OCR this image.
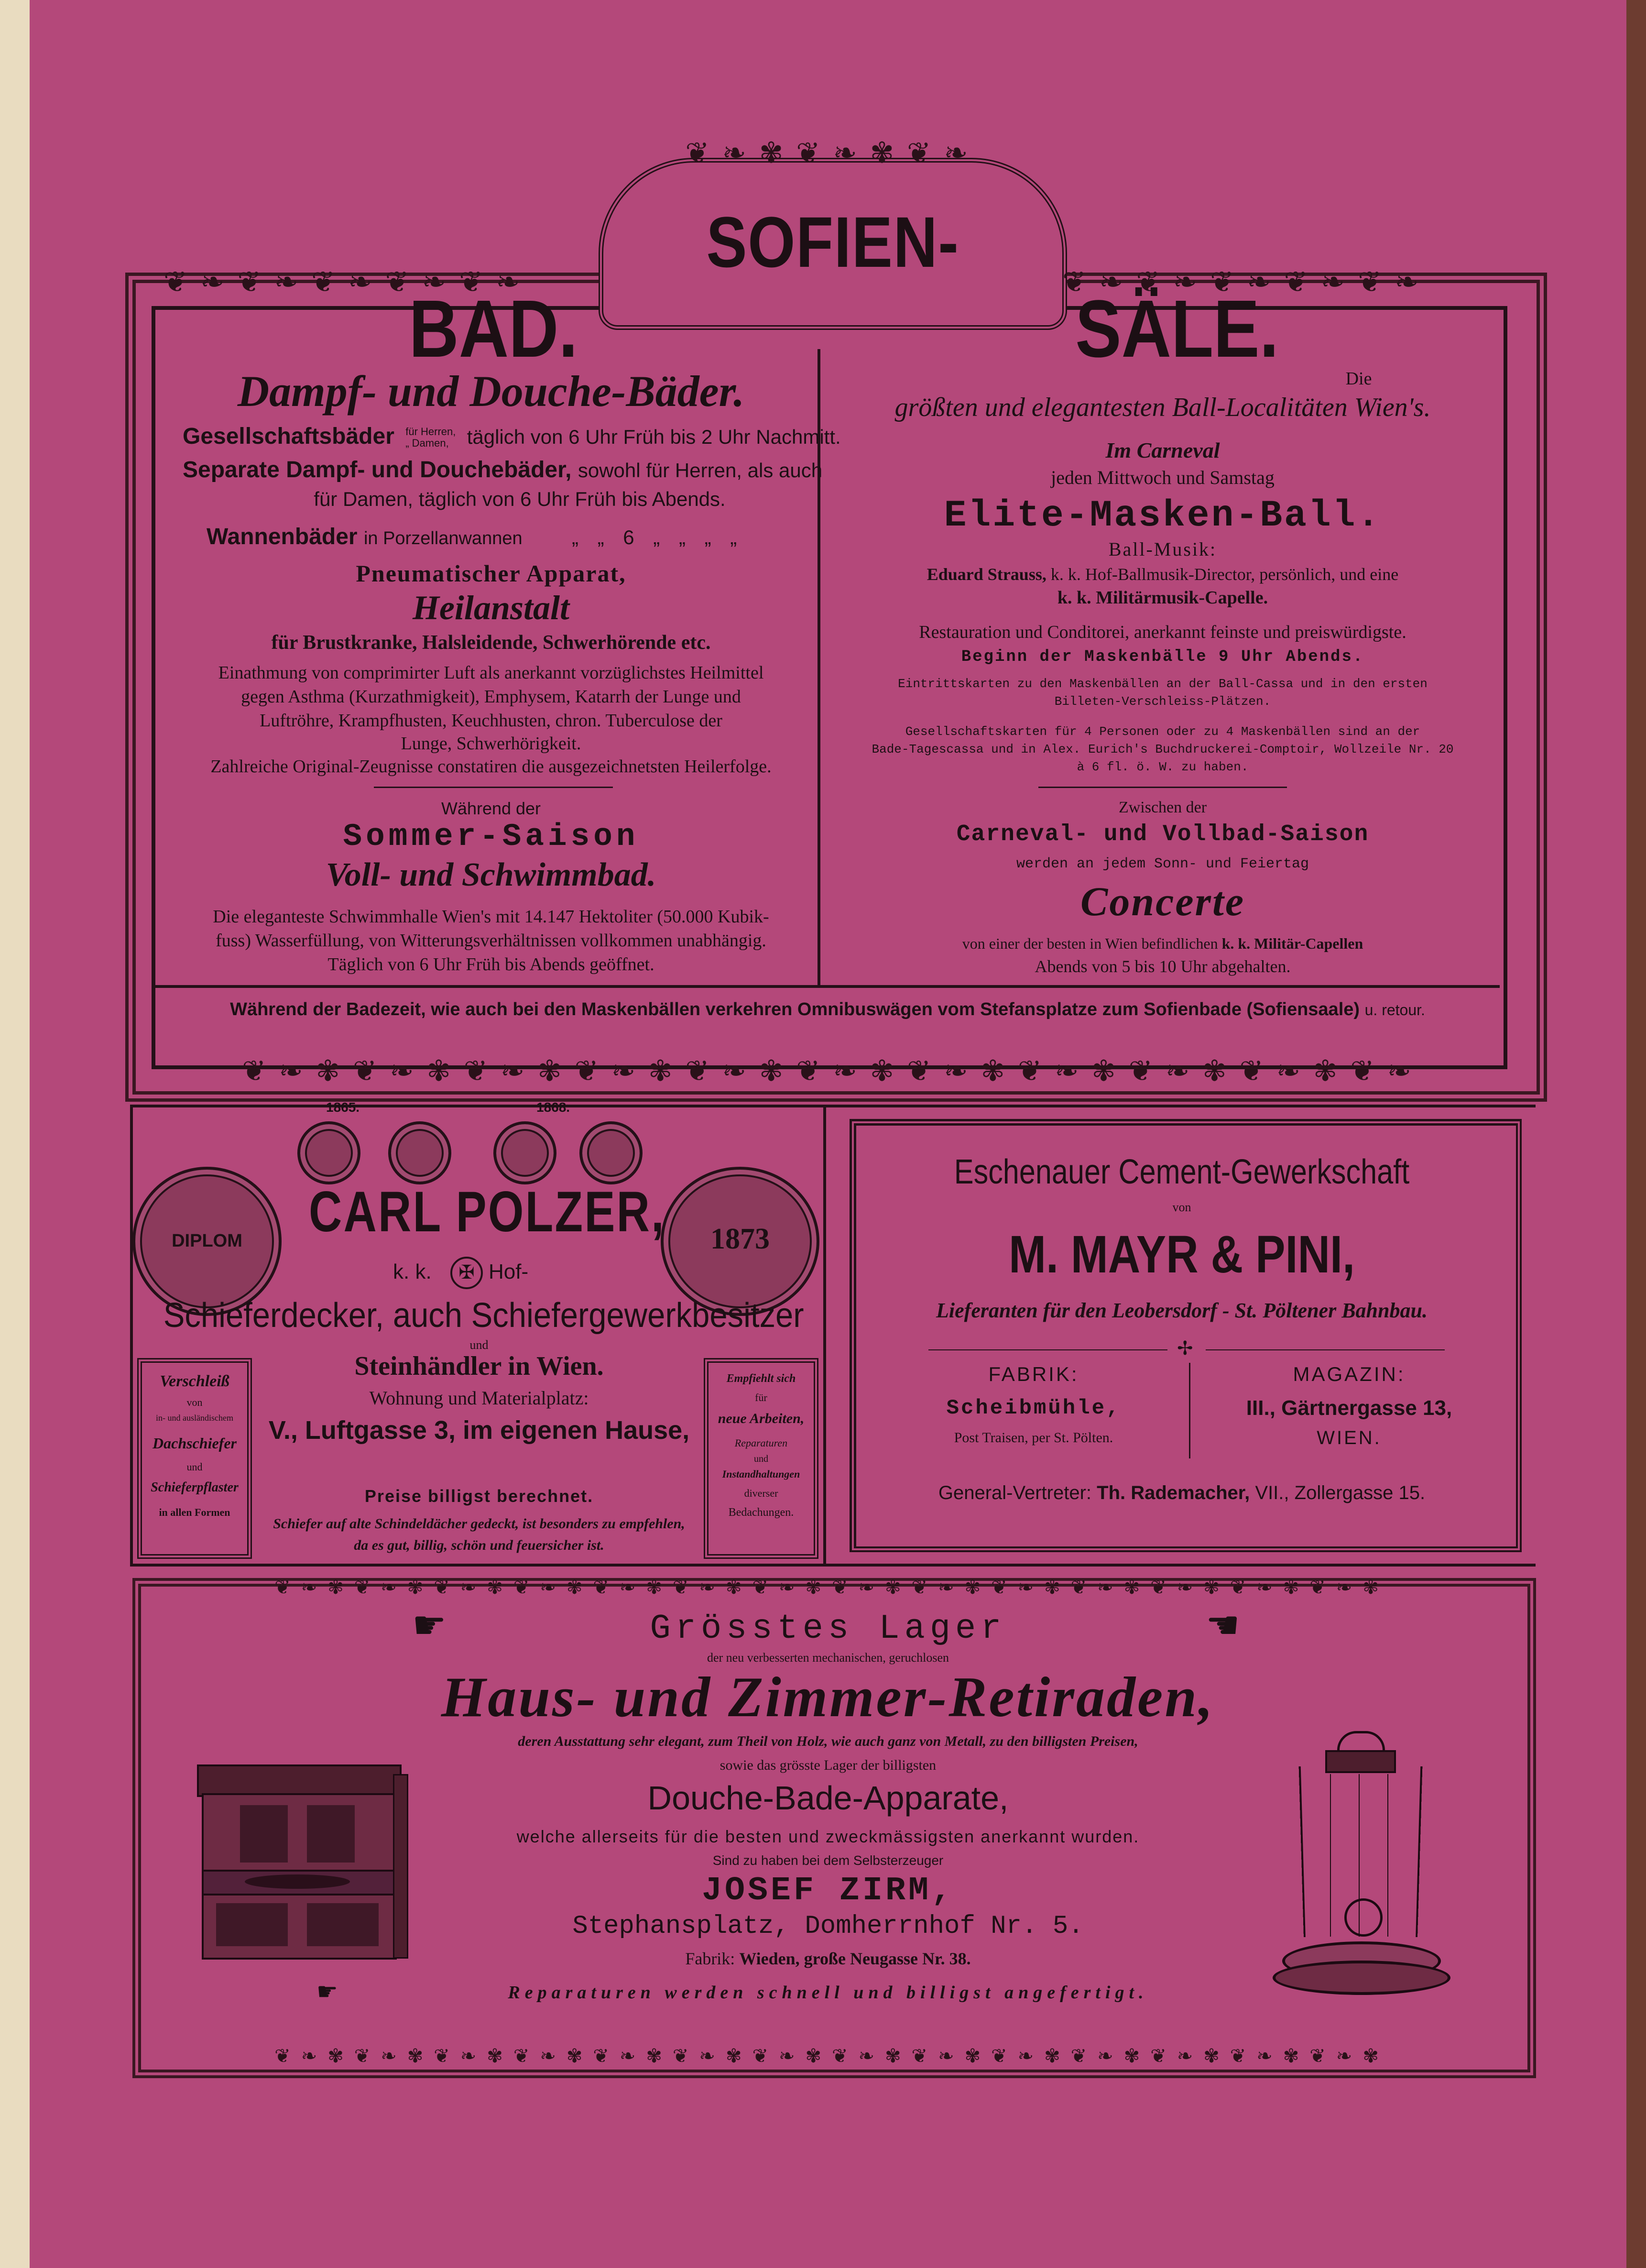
❦ ❧ ✾ ❦ ❧ ✾ ❦ ❧
❦ ❧ ❦ ❧ ❦ ❧ ❦ ❧ ❦ ❧	❦ ❧ ❦ ❧ ❦ ❧ ❦ ❧ ❦ ❧
❦ ❧ ✾ ❦ ❧ ✾ ❦ ❧ ✾ ❦ ❧ ✾ ❦ ❧ ✾ ❦ ❧ ✾ ❦ ❧ ✾ ❦ ❧ ✾ ❦ ❧ ✾ ❦ ❧ ✾ ❦ ❧
SOFIEN-
BAD.	SÄLE.
Dampf- und Douche-Bäder.
Gesellschaftsbäder für Herren,
„ Damen, täglich von 6 Uhr Früh bis 2 Uhr Nachmitt.
Separate Dampf- und Douchebäder, sowohl für Herren, als auch
für Damen, täglich von 6 Uhr Früh bis Abends.
Wannenbäder in Porzellanwannen „ „ 6 „ „ „ „
Pneumatischer Apparat,
Heilanstalt
für Brustkranke, Halsleidende, Schwerhörende etc.
Einathmung von comprimirter Luft als anerkannt vorzüglichstes Heilmittel
gegen Asthma (Kurzathmigkeit), Emphysem, Katarrh der Lunge und
Luftröhre, Krampfhusten, Keuchhusten, chron. Tuberculose der
Lunge, Schwerhörigkeit.
Zahlreiche Original-Zeugnisse constatiren die ausgezeichnetsten Heilerfolge.
Während der
Sommer-Saison
Voll- und Schwimmbad.
Die eleganteste Schwimmhalle Wien's mit 14.147 Hektoliter (50.000 Kubik-
fuss) Wasserfüllung, von Witterungsverhältnissen vollkommen unabhängig.
Täglich von 6 Uhr Früh bis Abends geöffnet.
Die
größten und elegantesten Ball-Localitäten Wien's.
Im Carneval
jeden Mittwoch und Samstag
Elite-Masken-Ball.
Ball-Musik:
Eduard Strauss, k. k. Hof-Ballmusik-Director, persönlich, und eine
k. k. Militärmusik-Capelle.
Restauration und Conditorei, anerkannt feinste und preiswürdigste.
Beginn der Maskenbälle 9 Uhr Abends.
Eintrittskarten zu den Maskenbällen an der Ball-Cassa und in den ersten
Billeten-Verschleiss-Plätzen.
Gesellschaftskarten für 4 Personen oder zu 4 Maskenbällen sind an der
Bade-Tagescassa und in Alex. Eurich's Buchdruckerei-Comptoir, Wollzeile Nr. 20
à 6 fl. ö. W. zu haben.
Zwischen der
Carneval- und Vollbad-Saison
werden an jedem Sonn- und Feiertag
Concerte
von einer der besten in Wien befindlichen k. k. Militär-Capellen
Abends von 5 bis 10 Uhr abgehalten.
Während der Badezeit, wie auch bei den Maskenbällen verkehren Omnibuswägen vom Stefansplatze zum Sofienbade (Sofiensaale) u. retour.
1865.	1868.
DIPLOM	1873
CARL POLZER,
k. k.	✠ Hof-
Schieferdecker, auch Schiefergewerkbesitzer
und
Steinhändler in Wien.
Wohnung und Materialplatz:
V., Luftgasse 3, im eigenen Hause,
Preise billigst berechnet.
Schiefer auf alte Schindeldächer gedeckt, ist besonders zu empfehlen,
da es gut, billig, schön und feuersicher ist.
Verschleiß
von
in- und ausländischem
Dachschiefer
und
Schieferpflaster
in allen Formen
Empfiehlt sich
für
neue Arbeiten,
Reparaturen
und
Instandhaltungen
diverser
Bedachungen.
Eschenauer Cement-Gewerkschaft
von
M. MAYR & PINI,
Lieferanten für den Leobersdorf - St. Pöltener Bahnbau.
✢
FABRIK:
Scheibmühle,
Post Traisen, per St. Pölten.
MAGAZIN:
III., Gärtnergasse 13,
WIEN.
General-Vertreter: Th. Rademacher, VII., Zollergasse 15.
❦ ❧ ✾ ❦ ❧ ✾ ❦ ❧ ✾ ❦ ❧ ✾ ❦ ❧ ✾ ❦ ❧ ✾ ❦ ❧ ✾ ❦ ❧ ✾ ❦ ❧ ✾ ❦ ❧ ✾ ❦ ❧ ✾ ❦ ❧ ✾ ❦ ❧ ✾ ❦ ❧ ✾
❦ ❧ ✾ ❦ ❧ ✾ ❦ ❧ ✾ ❦ ❧ ✾ ❦ ❧ ✾ ❦ ❧ ✾ ❦ ❧ ✾ ❦ ❧ ✾ ❦ ❧ ✾ ❦ ❧ ✾ ❦ ❧ ✾ ❦ ❧ ✾ ❦ ❧ ✾ ❦ ❧ ✾
☛	☛
Grösstes Lager
der neu verbesserten mechanischen, geruchlosen
Haus- und Zimmer-Retiraden,
deren Ausstattung sehr elegant, zum Theil von Holz, wie auch ganz von Metall, zu den billigsten Preisen,
sowie das grösste Lager der billigsten
Douche-Bade-Apparate,
welche allerseits für die besten und zweckmässigsten anerkannt wurden.
Sind zu haben bei dem Selbsterzeuger
JOSEF ZIRM,
Stephansplatz, Domherrnhof Nr. 5.
Fabrik: Wieden, große Neugasse Nr. 38.
☛	Reparaturen werden schnell und billigst angefertigt.
